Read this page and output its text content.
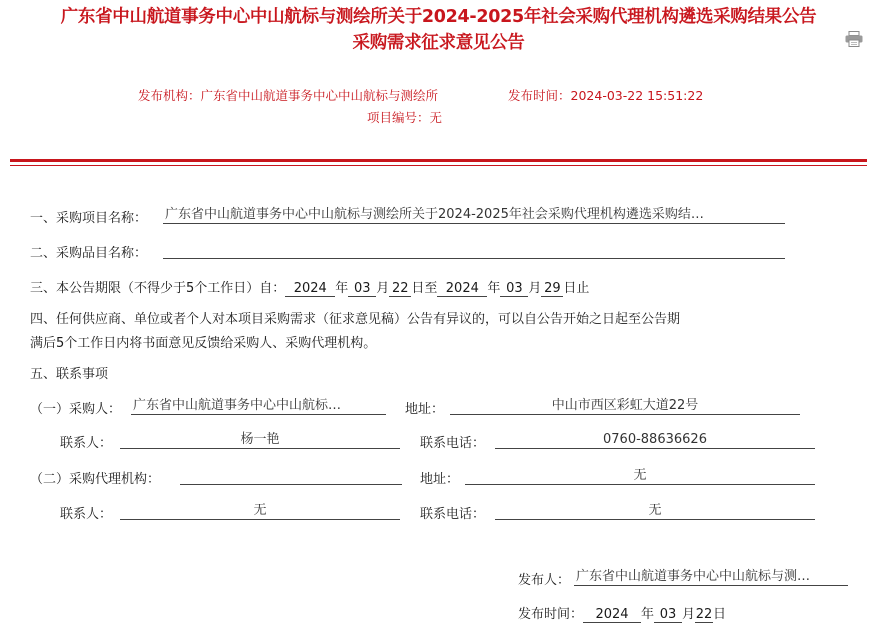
广东省中山航道事务中心中山航标与测绘所关于2024-2025年社会采购代理机构遴选采购结果公告
采购需求征求意见公告
发布机构：广东省中山航道事务中心中山航标与测绘所	发布时间：2024-03-22 15:51:22
项目编号：无
一、采购项目名称： 广东省中山航道事务中心中山航标与测绘所关于2024-2025年社会采购代理机构遴选采购结…
二、采购品目名称：
三、本公告期限（不得少于5个工作日）自： 2024 年 03 月 22 日至 2024 年 03 月 29 日止
四、任何供应商、单位或者个人对本项目采购需求（征求意见稿）公告有异议的，可以自公告开始之日起至公告期
满后5个工作日内将书面意见反馈给采购人、采购代理机构。
五、联系事项
（一）采购人： 广东省中山航道事务中心中山航标…	地址：	中山市西区彩虹大道22号
联系人：	杨一艳	联系电话：	0760-88636626
（二）采购代理机构：	地址：	无
联系人：	无	联系电话：	无
发布人： 广东省中山航道事务中心中山航标与测…
发布时间： 2024 年 03 月22日
